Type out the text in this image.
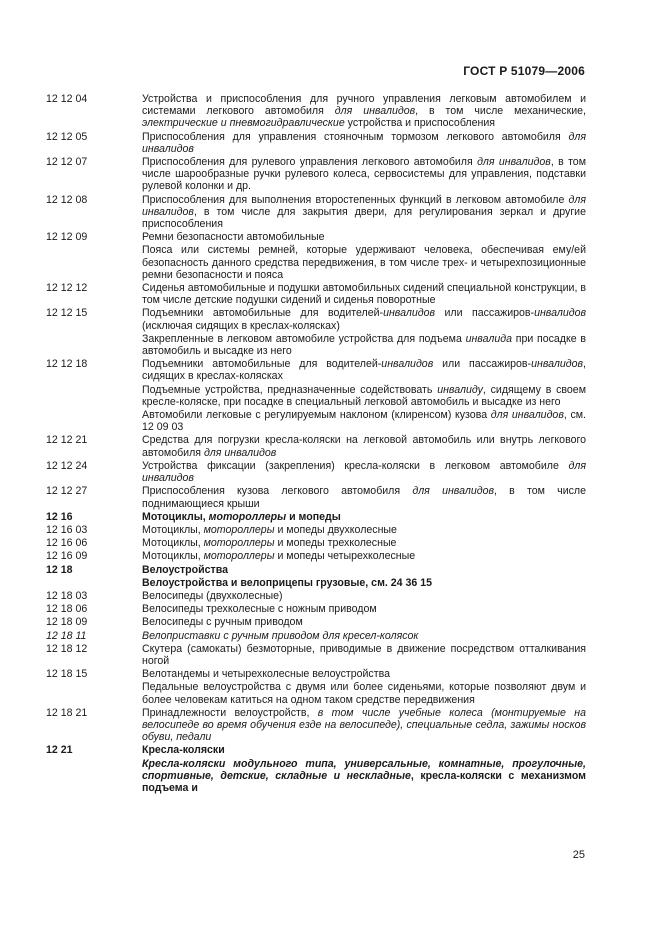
ГОСТ Р 51079—2006
12 12 04	Устройства и приспособления для ручного управления легковым автомобилем и системами легкового автомобиля для инвалидов, в том числе механические, электрические и пневмогидравлические устройства и приспособления
12 12 05	Приспособления для управления стояночным тормозом легкового автомобиля для инвалидов
12 12 07	Приспособления для рулевого управления легкового автомобиля для инвалидов, в том числе шарообразные ручки рулевого колеса, сервосистемы для управления, подставки рулевой колонки и др.
12 12 08	Приспособления для выполнения второстепенных функций в легковом автомобиле для инвалидов, в том числе для закрытия двери, для регулирования зеркал и другие приспособления
12 12 09	Ремни безопасности автомобильные
Пояса или системы ремней, которые удерживают человека, обеспечивая ему/ей безопасность данного средства передвижения, в том числе трех- и четырехпозиционные ремни безопасности и пояса
12 12 12	Сиденья автомобильные и подушки автомобильных сидений специальной конструкции, в том числе детские подушки сидений и сиденья поворотные
12 12 15	Подъемники автомобильные для водителей-инвалидов или пассажиров-инвалидов (исключая сидящих в креслах-колясках)
Закрепленные в легковом автомобиле устройства для подъема инвалида при посадке в автомобиль и высадке из него
12 12 18	Подъемники автомобильные для водителей-инвалидов или пассажиров-инвалидов, сидящих в креслах-колясках
Подъемные устройства, предназначенные содействовать инвалиду, сидящему в своем кресле-коляске, при посадке в специальный легковой автомобиль и высадке из него
Автомобили легковые с регулируемым наклоном (клиренсом) кузова для инвалидов, см. 12 09 03
12 12 21	Средства для погрузки кресла-коляски на легковой автомобиль или внутрь легкового автомобиля для инвалидов
12 12 24	Устройства фиксации (закрепления) кресла-коляски в легковом автомобиле для инвалидов
12 12 27	Приспособления кузова легкового автомобиля для инвалидов, в том числе поднимающиеся крыши
12 16	Мотоциклы, мотороллеры и мопеды
12 16 03	Мотоциклы, мотороллеры и мопеды двухколесные
12 16 06	Мотоциклы, мотороллеры и мопеды трехколесные
12 16 09	Мотоциклы, мотороллеры и мопеды четырехколесные
12 18	Велоустройства
Велоустройства и велоприцепы грузовые, см. 24 36 15
12 18 03	Велосипеды (двухколесные)
12 18 06	Велосипеды трехколесные с ножным приводом
12 18 09	Велосипеды с ручным приводом
12 18 11	Велоприставки с ручным приводом для кресел-колясок
12 18 12	Скутера (самокаты) безмоторные, приводимые в движение посредством отталкивания ногой
12 18 15	Велотандемы и четырехколесные велоустройства
Педальные велоустройства с двумя или более сиденьями, которые позволяют двум и более человекам катиться на одном таком средстве передвижения
12 18 21	Принадлежности велоустройств, в том числе учебные колеса (монтируемые на велосипеде во время обучения езде на велосипеде), специальные седла, зажимы носков обуви, педали
12 21	Кресла-коляски
Кресла-коляски модульного типа, универсальные, комнатные, прогулочные, спортивные, детские, складные и нескладные, кресла-коляски с механизмом подъема и
25
